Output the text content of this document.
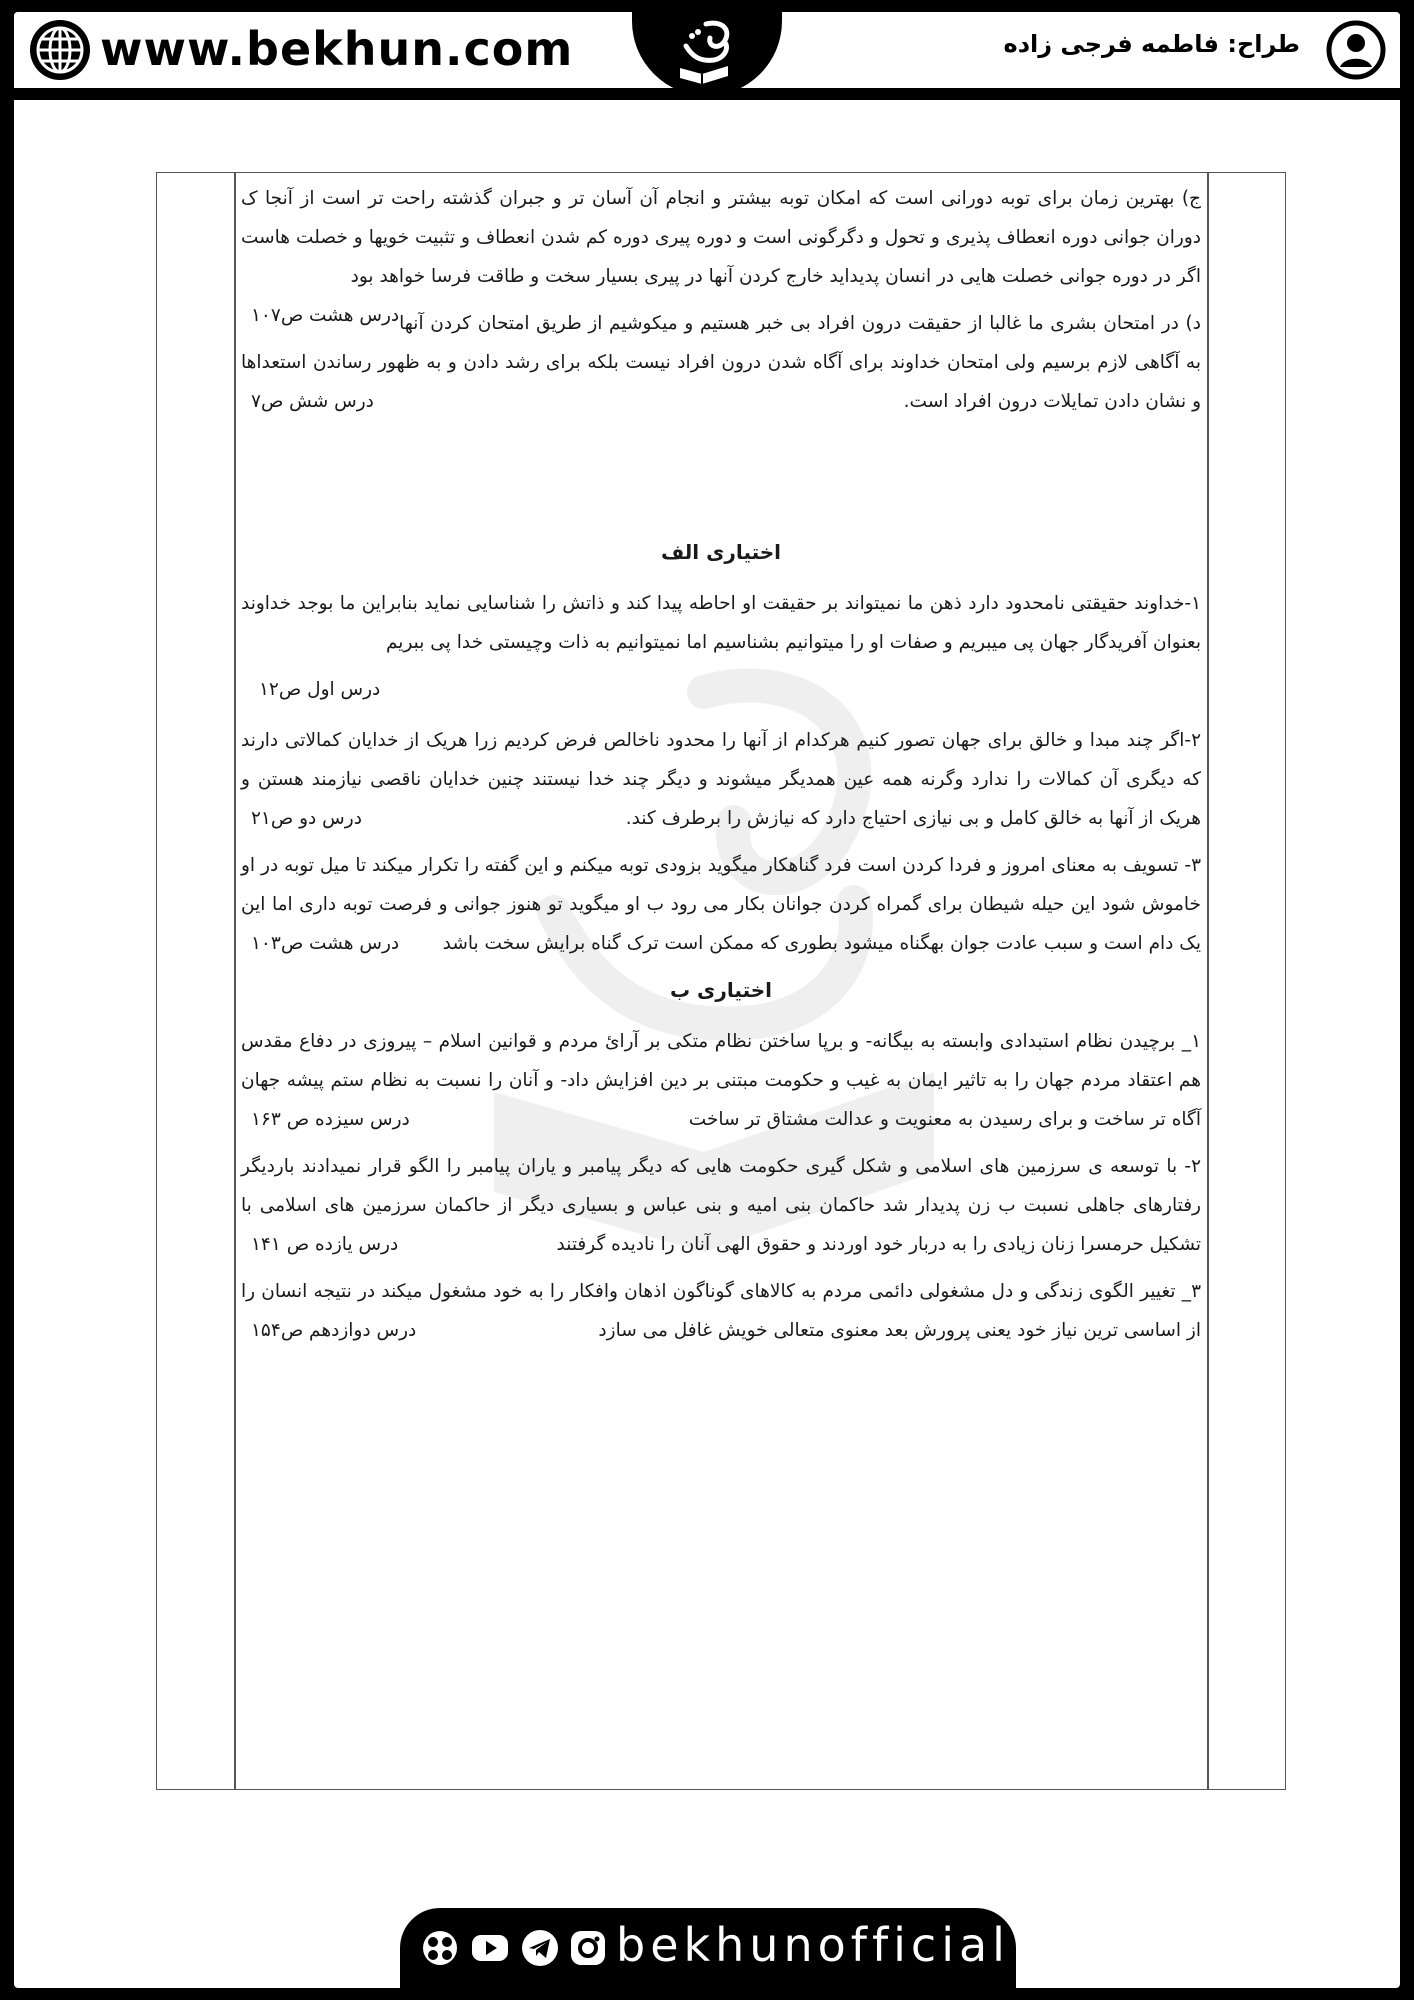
www.bekhun.com	طراح: فاطمه فرجی زاده

ج) بهترین زمان برای توبه دورانی است که امکان توبه بیشتر و انجام آن آسان تر و جبران گذشته راحت تر است از آنجا ک دوران جوانی دوره انعطاف پذیری و تحول و دگرگونی است و دوره پیری دوره کم شدن انعطاف و تثبیت خویها و خصلت هاست اگر در دوره جوانی خصلت هایی در انسان پدیداید خارج کردن آنها در پیری بسیار سخت و طاقت فرسا خواهد بود
درس هشت ص۱۰۷ د) در امتحان بشری ما غالبا از حقیقت درون افراد بی خبر هستیم و میکوشیم از طریق امتحان کردن آنها به آگاهی لازم برسیم ولی امتحان خداوند برای آگاه شدن درون افراد نیست بلکه برای رشد دادن و به ظهور رساندن استعداها و نشان دادن تمایلات درون افراد است.
درس شش ص۷

اختیاری الف

۱-خداوند حقیقتی نامحدود دارد ذهن ما نمیتواند بر حقیقت او احاطه پیدا کند و ذاتش را شناسایی نماید بنابراین ما بوجد خداوند بعنوان آفریدگار جهان پی میبریم و صفات او را میتوانیم بشناسیم اما نمیتوانیم به ذات وچیستی خدا پی ببریم

درس اول ص۱۲

۲-اگر چند مبدا و خالق برای جهان تصور کنیم هرکدام از آنها را محدود ناخالص فرض کردیم زرا هریک از خدایان کمالاتی دارند که دیگری آن کمالات را ندارد وگرنه همه عین همدیگر میشوند و دیگر چند خدا نیستند چنین خدایان ناقصی نیازمند هستن و هریک از آنها به خالق کامل و بی نیازی احتیاج دارد که نیازش را برطرف کند.
درس دو ص۲۱

۳- تسویف به معنای امروز و فردا کردن است فرد گناهکار میگوید بزودی توبه میکنم و این گفته را تکرار میکند تا میل توبه در او خاموش شود این حیله شیطان برای گمراه کردن جوانان بکار می رود ب او میگوید تو هنوز جوانی و فرصت توبه داری اما این یک دام است و سبب عادت جوان بهگناه میشود بطوری که ممکن است ترک گناه برایش سخت باشد
درس هشت ص۱۰۳

اختیاری ب

۱_ برچیدن نظام استبدادی وابسته به بیگانه- و برپا ساختن نظام متکی بر آرائ مردم و قوانین اسلام – پیروزی در دفاع مقدس هم اعتقاد مردم جهان را به تاثیر ایمان به غیب و حکومت مبتنی بر دین افزایش داد- و آنان را نسبت به نظام ستم پیشه جهان آگاه تر ساخت و برای رسیدن به معنویت و عدالت مشتاق تر ساخت
درس سیزده ص ۱۶۳

۲- با توسعه ی سرزمین های اسلامی و شکل گیری حکومت هایی که دیگر پیامبر و یاران پیامبر را الگو قرار نمیدادند باردیگر رفتارهای جاهلی نسبت ب زن پدیدار شد حاکمان بنی امیه و بنی عباس و بسیاری دیگر از حاکمان سرزمین های اسلامی با تشکیل حرمسرا زنان زیادی را به دربار خود اوردند و حقوق الهی آنان را نادیده گرفتند
درس یازده ص ۱۴۱

۳_ تغییر الگوی زندگی و دل مشغولی دائمی مردم به کالاهای گوناگون اذهان وافکار را به خود مشغول میکند در نتیجه انسان را از اساسی ترین نیاز خود یعنی پرورش بعد معنوی متعالی خویش غافل می سازد
درس دوازدهم ص۱۵۴

bekhunofficial
